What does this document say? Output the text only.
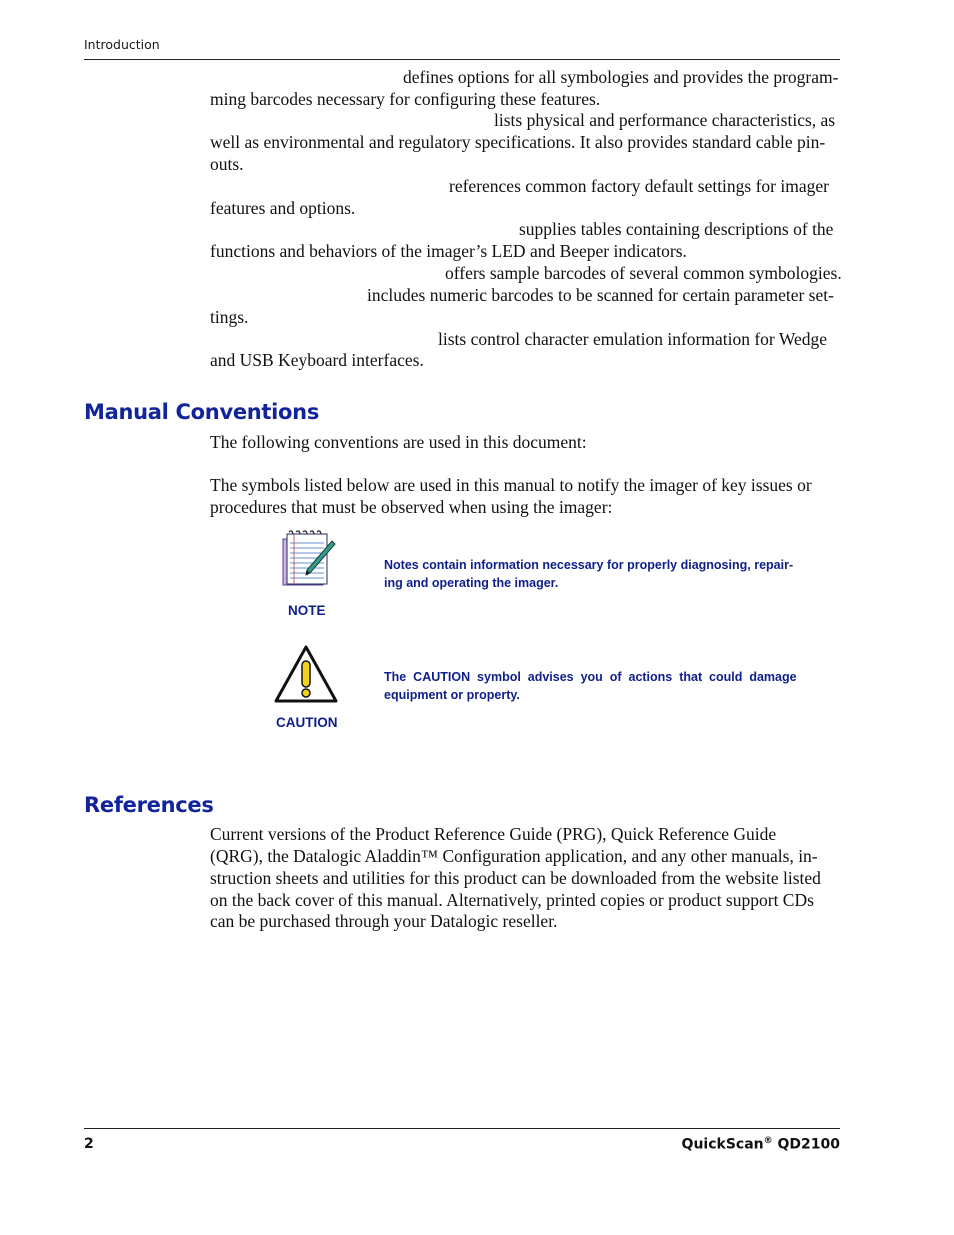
Introduction
defines options for all symbologies and provides the program-
ming barcodes necessary for configuring these features.
lists physical and performance characteristics, as
well as environmental and regulatory specifications. It also provides standard cable pin-
outs.
references common factory default settings for imager
features and options.
supplies tables containing descriptions of the
functions and behaviors of the imager’s LED and Beeper indicators.
offers sample barcodes of several common symbologies.
includes numeric barcodes to be scanned for certain parameter set-
tings.
lists control character emulation information for Wedge
and USB Keyboard interfaces.
Manual Conventions
The following conventions are used in this document:
The symbols listed below are used in this manual to notify the imager of key issues or
procedures that must be observed when using the imager:
NOTE
Notes contain information necessary for properly diagnosing, repair-
ing and operating the imager.
CAUTION
The  CAUTION  symbol  advises  you  of  actions  that  could  damage
equipment or property.
References
Current versions of the Product Reference Guide (PRG), Quick Reference Guide
(QRG), the Datalogic Aladdin™ Configuration application, and any other manuals, in-
struction sheets and utilities for this product can be downloaded from the website listed
on the back cover of this manual. Alternatively, printed copies or product support CDs
can be purchased through your Datalogic reseller.
2	QuickScan® QD2100
